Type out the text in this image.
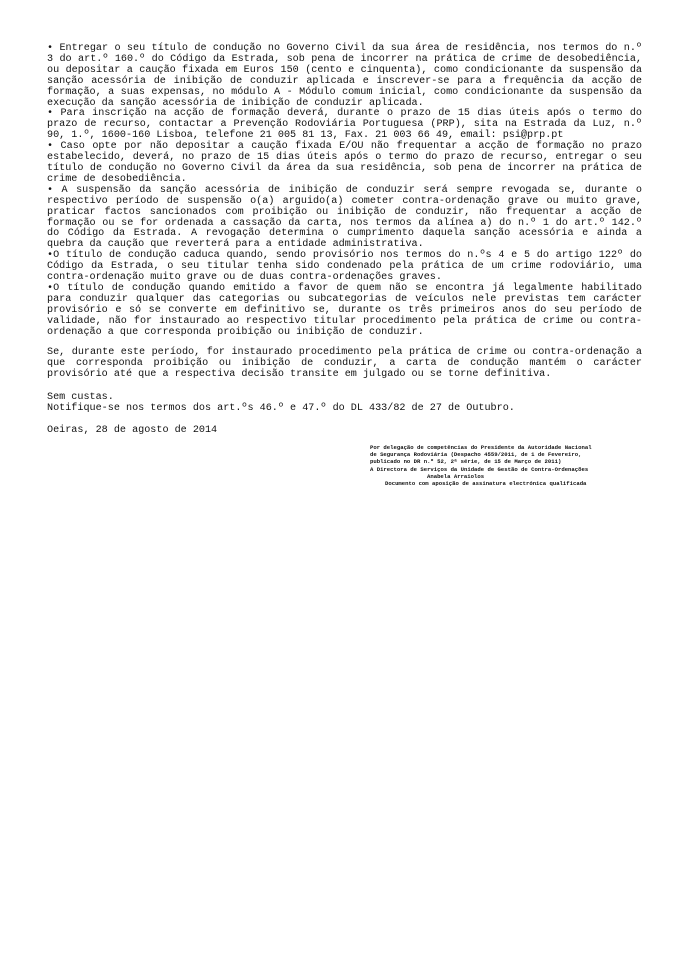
• Entregar o seu título de condução no Governo Civil da sua área de residência, nos termos do n.º 3 do art.º 160.º do Código da Estrada, sob pena de incorrer na prática de crime de desobediência, ou depositar a caução fixada em Euros 150 (cento e cinquenta), como condicionante da suspensão da sanção acessória de inibição de conduzir aplicada e inscrever-se para a frequência da acção de formação, a suas expensas, no módulo A - Módulo comum inicial, como condicionante da suspensão da execução da sanção acessória de inibição de conduzir aplicada.

• Para inscrição na acção de formação deverá, durante o prazo de 15 dias úteis após o termo do prazo de recurso, contactar a Prevenção Rodoviária Portuguesa (PRP), sita na Estrada da Luz, n.º 90, 1.º, 1600-160 Lisboa, telefone 21 005 81 13, Fax. 21 003 66 49, email: psi@prp.pt

• Caso opte por não depositar a caução fixada E/OU não frequentar a acção de formação no prazo estabelecido, deverá, no prazo de 15 dias úteis após o termo do prazo de recurso, entregar o seu título de condução no Governo Civil da área da sua residência, sob pena de incorrer na prática de crime de desobediência.

• A suspensão da sanção acessória de inibição de conduzir será sempre revogada se, durante o respectivo período de suspensão o(a) arguido(a) cometer contra-ordenação grave ou muito grave, praticar factos sancionados com proibição ou inibição de conduzir, não frequentar a acção de formação ou se for ordenada a cassação da carta, nos termos da alínea a) do n.º 1 do art.º 142.º do Código da Estrada. A revogação determina o cumprimento daquela sanção acessória e ainda a quebra da caução que reverterá para a entidade administrativa.

•O título de condução caduca quando, sendo provisório nos termos do n.ºs 4 e 5 do artigo 122º do Código da Estrada, o seu titular tenha sido condenado pela prática de um crime rodoviário, uma contra-ordenação muito grave ou de duas contra-ordenações graves.

•O título de condução quando emitido a favor de quem não se encontra já legalmente habilitado para conduzir qualquer das categorias ou subcategorias de veículos nele previstas tem carácter provisório e só se converte em definitivo se, durante os três primeiros anos do seu período de validade, não for instaurado ao respectivo titular procedimento pela prática de crime ou contra-ordenação a que corresponda proibição ou inibição de conduzir.

Se, durante este período, for instaurado procedimento pela prática de crime ou contra-ordenação a que corresponda proibição ou inibição de conduzir, a carta de condução mantém o carácter provisório até que a respectiva decisão transite em julgado ou se torne definitiva.

Sem custas.

Notifique-se nos termos dos art.ºs 46.º e 47.º do DL 433/82 de 27 de Outubro.

Oeiras, 28 de agosto de 2014

Por delegação de competências do Presidente da Autoridade Nacional

de Segurança Rodoviária (Despacho 4559/2011, de 1 de Fevereiro,

publicado no DR n.º 52, 2ª série, de 15 de Março de 2011)

A Directora de Serviços da Unidade de Gestão de Contra-Ordenações

Anabela Arraiolos

Documento com aposição de assinatura electrónica qualificada
